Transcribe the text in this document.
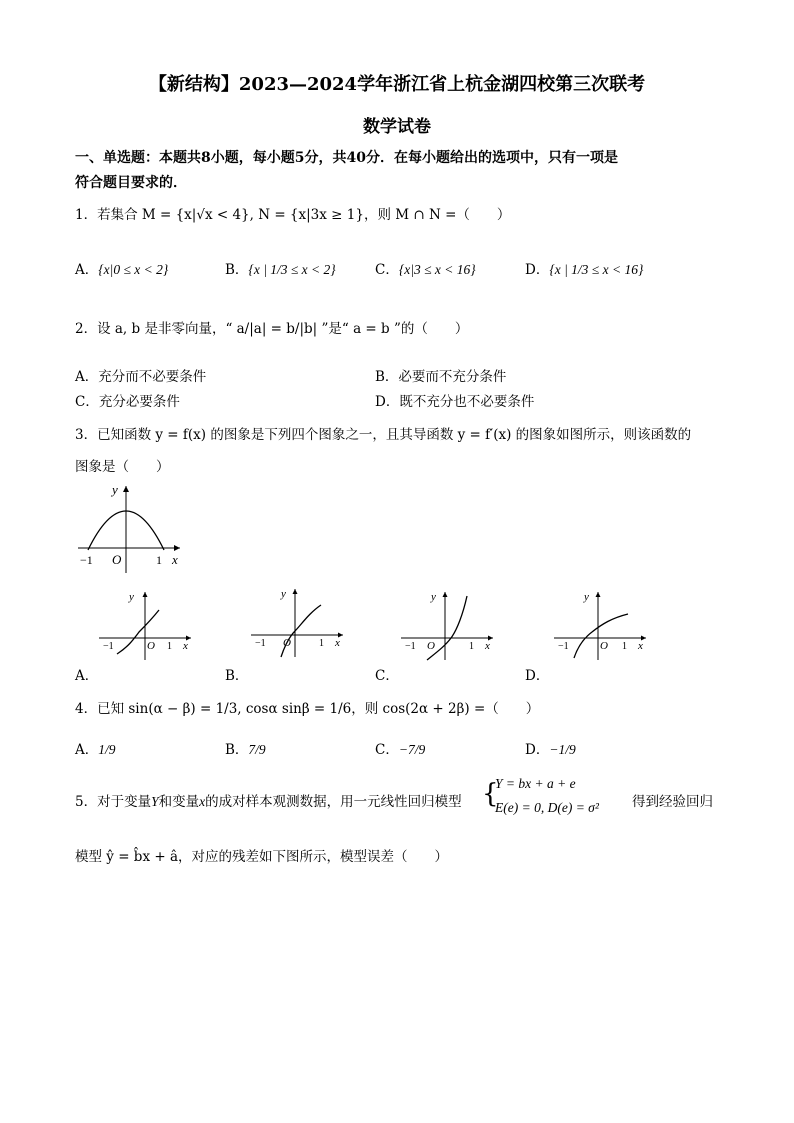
【新结构】2023—2024学年浙江省上杭金湖四校第三次联考
数学试卷
一、单选题：本题共8小题，每小题5分，共40分．在每小题给出的选项中，只有一项是
符合题目要求的．
1．若集合 M = {x|√x < 4}, N = {x|3x ≥ 1}，则 M ∩ N =（　　）
A．{x|0 ≤ x < 2}	B．{x | 1/3 ≤ x < 2}	C．{x|3 ≤ x < 16}	D．{x | 1/3 ≤ x < 16}
2．设 a, b 是非零向量，“ a/|a| = b/|b| ”是“ a = b ”的（　　）
A．充分而不必要条件	B．必要而不充分条件
C．充分必要条件	D．既不充分也不必要条件
3．已知函数 y = f(x) 的图象是下列四个图象之一，且其导函数 y = f′(x) 的图象如图所示，则该函数的
图象是（　　）
y
x
O
−1	1
y
x
O
−1	1
y
x
O
−1	1
y
x
O
−1	1
y
x
O
−1	1
A．	B．	C．	D．
4．已知 sin(α − β) = 1/3, cosα sinβ = 1/6，则 cos(2α + 2β) =（　　）
A．1/9	B．7/9	C．−7/9	D．−1/9
5．对于变量Y和变量x的成对样本观测数据，用一元线性回归模型 {
Y = bx + a + e
E(e) = 0, D(e) = σ² 得到经验回归
模型 ŷ = b̂x + â，对应的残差如下图所示，模型误差（　　）
